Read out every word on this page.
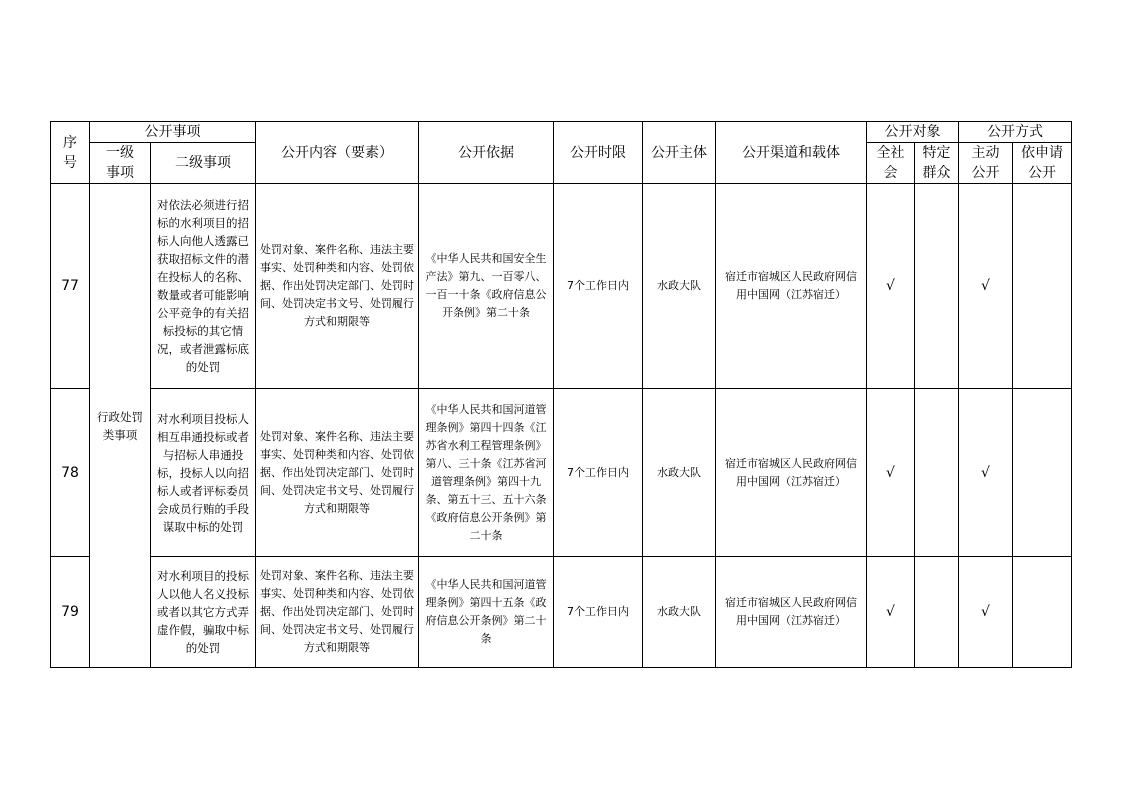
序号	公开事项		公开内容（要素）	公开依据	公开时限	公开主体	公开渠道和载体	公开对象		公开方式	
	一级事项	二级事项						全社会	特定群众	主动公开	依申请公开
77	行政处罚类事项	对依法必须进行招标的水利项目的招标人向他人透露已获取招标文件的潜在投标人的名称、数量或者可能影响公平竞争的有关招标投标的其它情况，或者泄露标底的处罚	处罚对象、案件名称、违法主要事实、处罚种类和内容、处罚依据、作出处罚决定部门、处罚时间、处罚决定书文号、处罚履行方式和期限等	《中华人民共和国安全生产法》第九、一百零八、一百一十条《政府信息公开条例》第二十条	7个工作日内	水政大队	宿迁市宿城区人民政府网信用中国网（江苏宿迁）	√		√	
78		对水利项目投标人相互串通投标或者与招标人串通投标，投标人以向招标人或者评标委员会成员行贿的手段谋取中标的处罚	处罚对象、案件名称、违法主要事实、处罚种类和内容、处罚依据、作出处罚决定部门、处罚时间、处罚决定书文号、处罚履行方式和期限等	《中华人民共和国河道管理条例》第四十四条《江苏省水利工程管理条例》第八、三十条《江苏省河道管理条例》第四十九条、第五十三、五十六条《政府信息公开条例》第二十条	7个工作日内	水政大队	宿迁市宿城区人民政府网信用中国网（江苏宿迁）	√		√	
79		对水利项目的投标人以他人名义投标或者以其它方式弄虚作假，骗取中标的处罚	处罚对象、案件名称、违法主要事实、处罚种类和内容、处罚依据、作出处罚决定部门、处罚时间、处罚决定书文号、处罚履行方式和期限等	《中华人民共和国河道管理条例》第四十五条《政府信息公开条例》第二十条	7个工作日内	水政大队	宿迁市宿城区人民政府网信用中国网（江苏宿迁）	√		√	
